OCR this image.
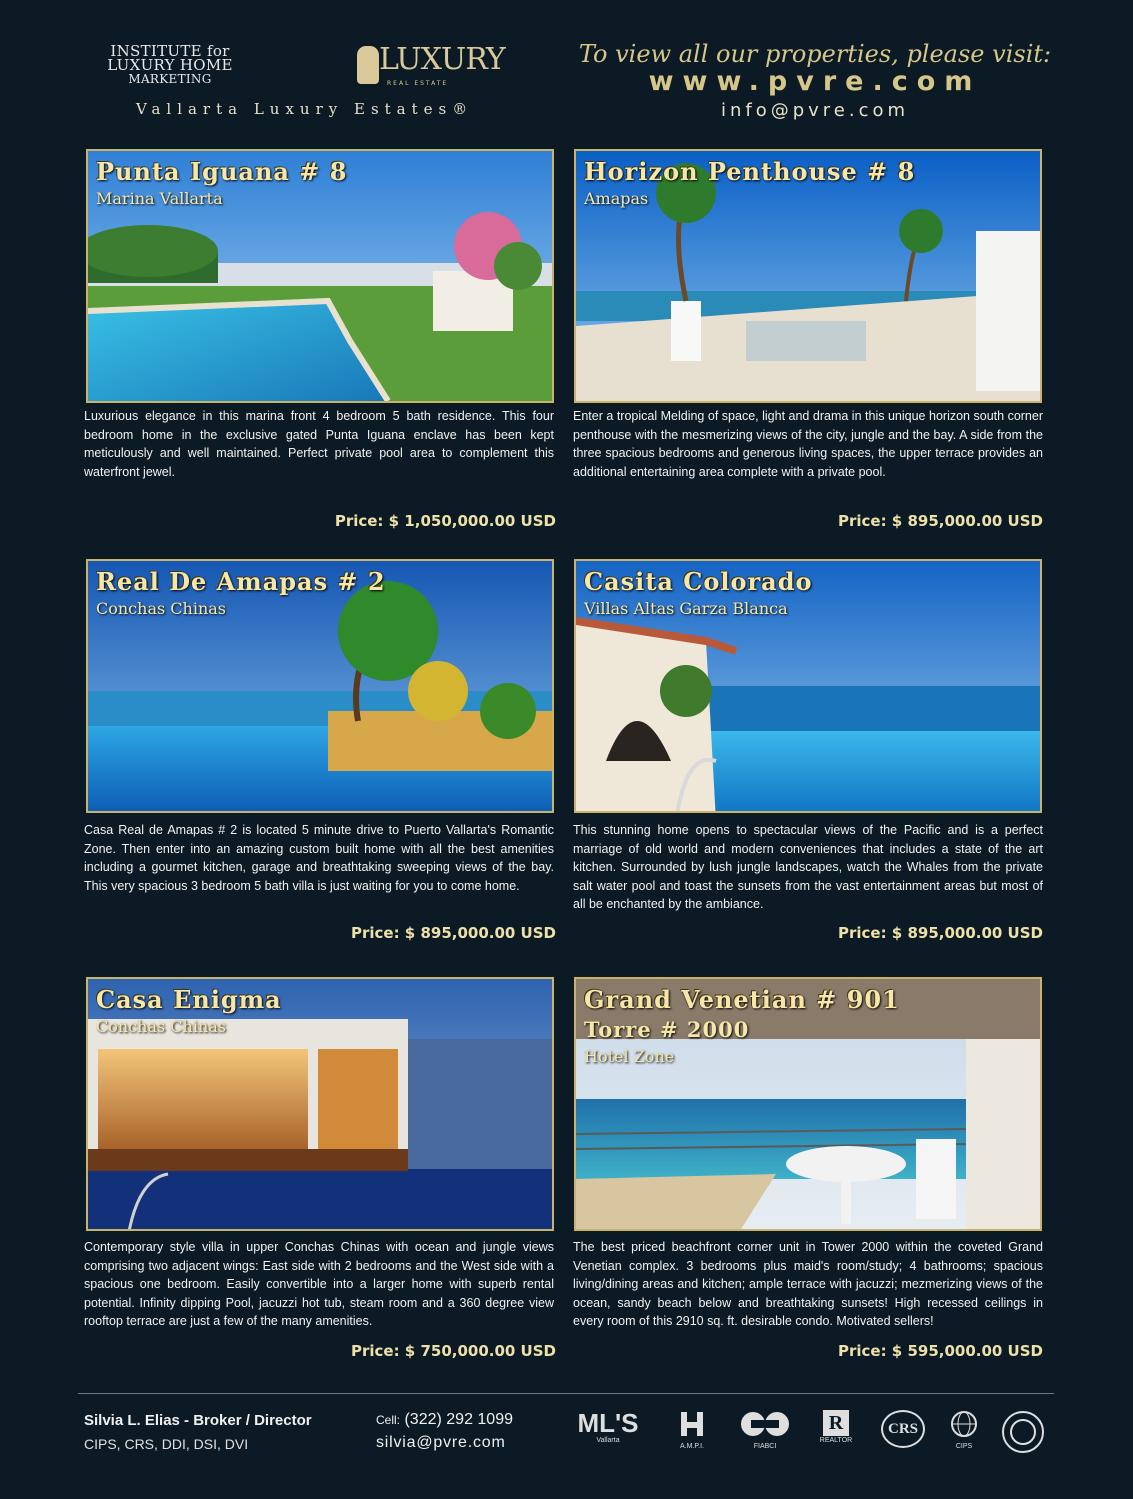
INSTITUTE for
LUXURY HOME
MARKETING
LUXURY
REAL ESTATE
Vallarta Luxury Estates®
To view all our properties, please visit:
www.pvre.com
info@pvre.com
Punta Iguana # 8
Marina Vallarta
Luxurious elegance in this marina front 4 bedroom 5 bath residence. This four bedroom home in the exclusive gated Punta Iguana enclave has been kept meticulously and well maintained. Perfect private pool area to complement this waterfront jewel.
Price: $ 1,050,000.00 USD
Horizon Penthouse # 8
Amapas
Enter a tropical Melding of space, light and drama in this unique horizon south corner penthouse with the mesmerizing views of the city, jungle and the bay. A side from the three spacious bedrooms and generous living spaces, the upper terrace provides an additional entertaining area complete with a private pool.
Price: $ 895,000.00 USD
Real De Amapas # 2
Conchas Chinas
Casa Real de Amapas # 2 is located 5 minute drive to Puerto Vallarta's Romantic Zone. Then enter into an amazing custom built home with all the best amenities including a gourmet kitchen, garage and breathtaking sweeping views of the bay. This very spacious 3 bedroom 5 bath villa is just waiting for you to come home.
Price: $ 895,000.00 USD
Casita Colorado
Villas Altas Garza Blanca
This stunning home opens to spectacular views of the Pacific and is a perfect marriage of old world and modern conveniences that includes a state of the art kitchen. Surrounded by lush jungle landscapes, watch the Whales from the private salt water pool and toast the sunsets from the vast entertainment areas but most of all be enchanted by the ambiance.
Price: $ 895,000.00 USD
Casa Enigma
Conchas Chinas
Contemporary style villa in upper Conchas Chinas with ocean and jungle views comprising two adjacent wings: East side with 2 bedrooms and the West side with a spacious one bedroom. Easily convertible into a larger home with superb rental potential. Infinity dipping Pool, jacuzzi hot tub, steam room and a 360 degree view rooftop terrace are just a few of the many amenities.
Price: $ 750,000.00 USD
Grand Venetian # 901
Torre # 2000
Hotel Zone
The best priced beachfront corner unit in Tower 2000 within the coveted Grand Venetian complex. 3 bedrooms plus maid's room/study; 4 bathrooms; spacious living/dining areas and kitchen; ample terrace with jacuzzi; mezmerizing views of the ocean, sandy beach below and breathtaking sunsets! High recessed ceilings in every room of this 2910 sq. ft. desirable condo. Motivated sellers!
Price: $ 595,000.00 USD
Silvia L. Elias - Broker / Director
CIPS, CRS, DDI, DSI, DVI
Cell: (322) 292 1099
silvia@pvre.com
ML'S
Vallarta
A.M.P.I.	FIABCI
R
REALTOR
CRS
CIPS
